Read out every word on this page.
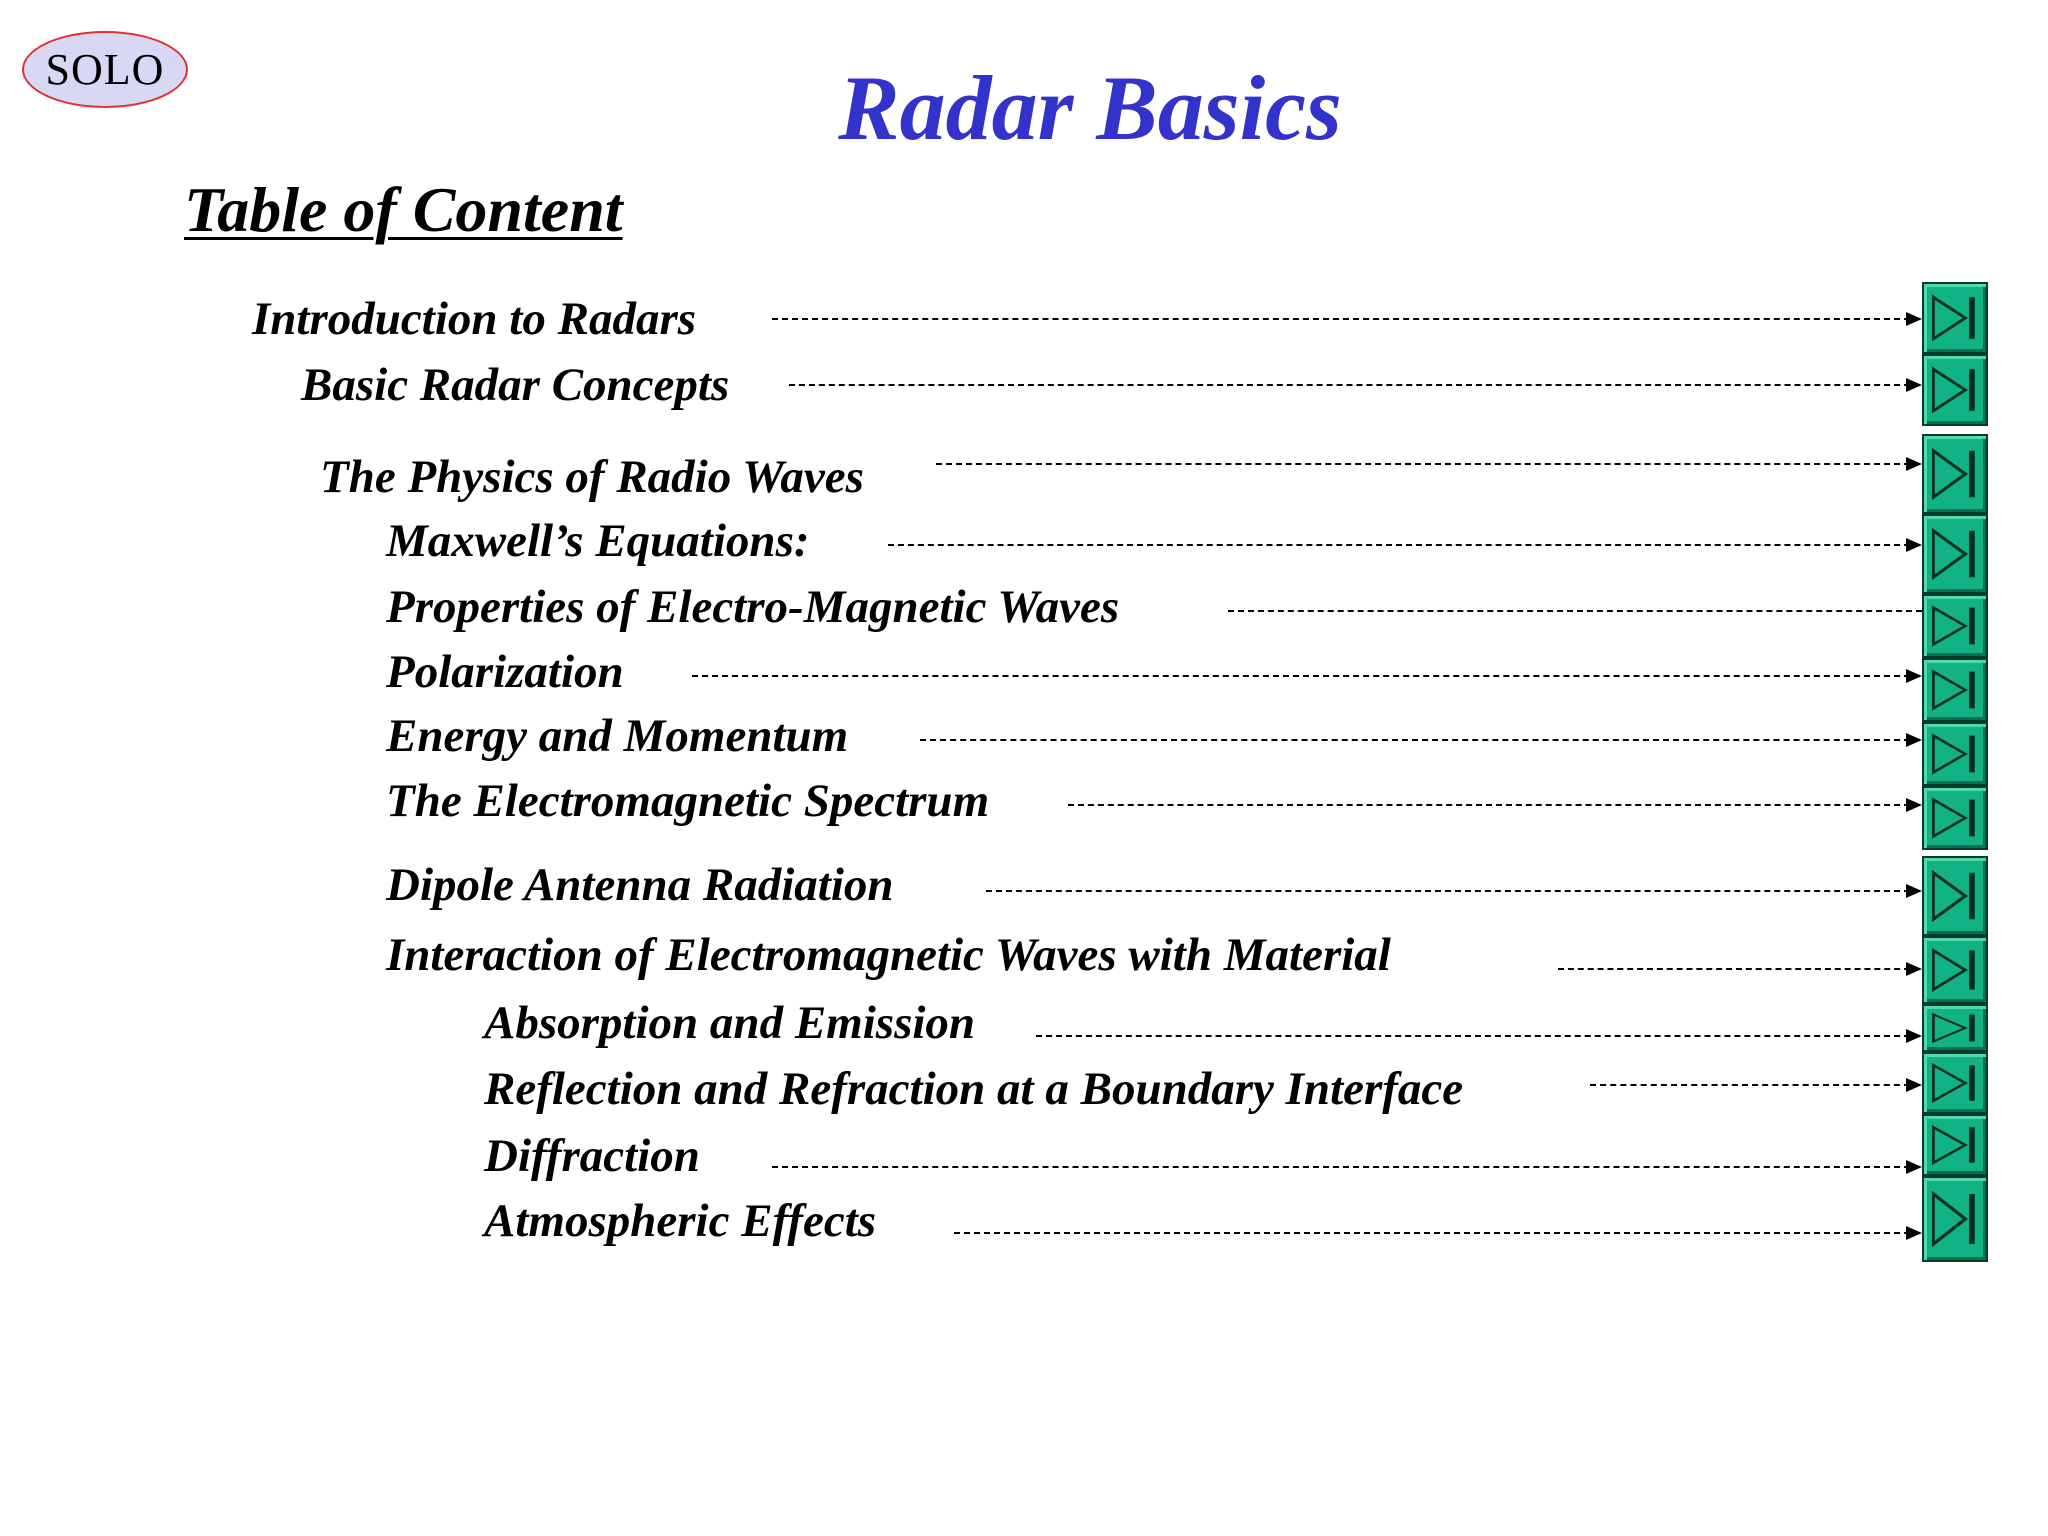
SOLO	Radar Basics
Table of Content
Introduction to Radars
Basic Radar Concepts
The Physics of Radio Waves
Maxwell’s Equations:
Properties of Electro-Magnetic Waves
Polarization
Energy and Momentum
The Electromagnetic Spectrum
Dipole Antenna Radiation
Interaction of Electromagnetic Waves with Material
Absorption and Emission
Reflection and Refraction at a Boundary Interface
Diffraction
Atmospheric Effects
